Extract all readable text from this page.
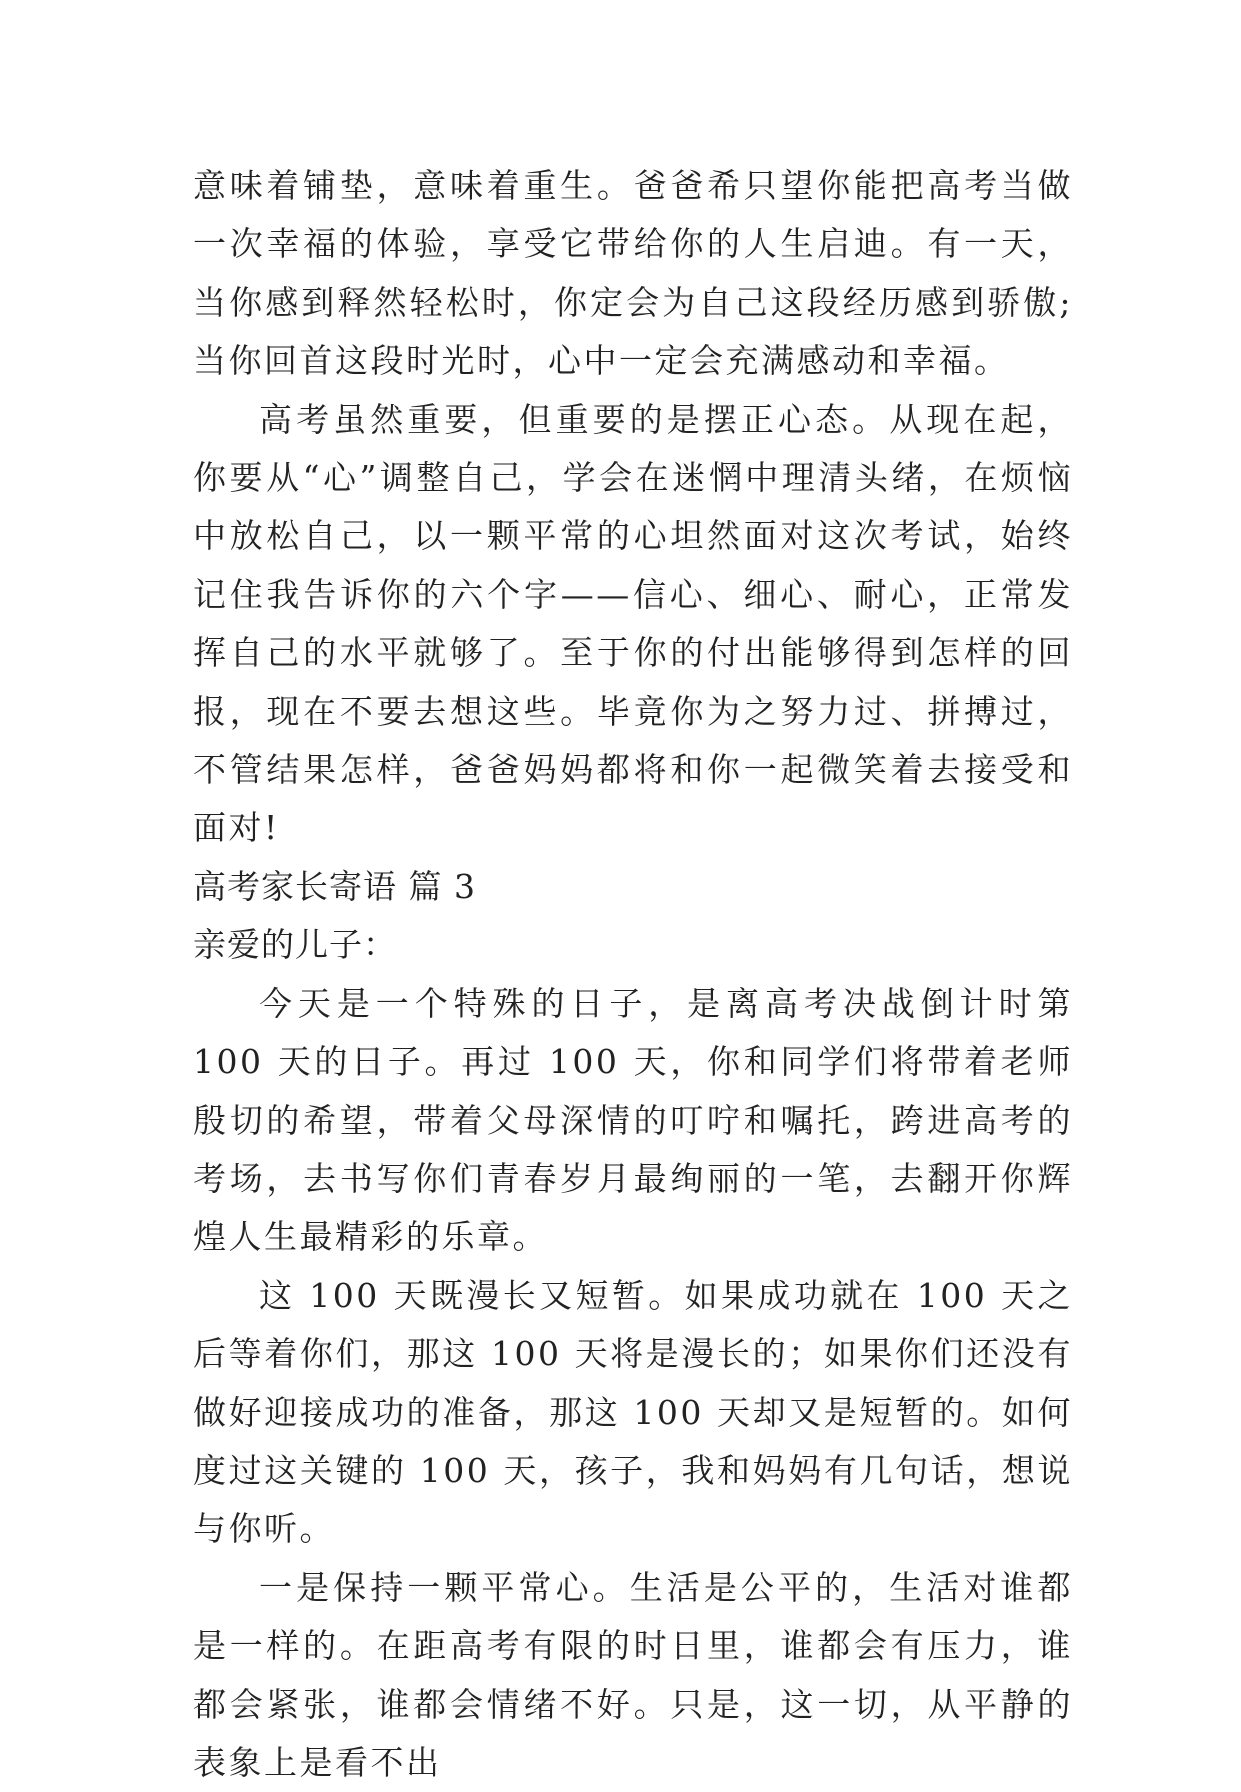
意味着铺垫，意味着重生。爸爸希只望你能把高考当做一次幸福的体验，享受它带给你的人生启迪。有一天，当你感到释然轻松时，你定会为自己这段经历感到骄傲;当你回首这段时光时，心中一定会充满感动和幸福。

高考虽然重要，但重要的是摆正心态。从现在起，你要从“心”调整自己，学会在迷惘中理清头绪，在烦恼中放松自己，以一颗平常的心坦然面对这次考试，始终记住我告诉你的六个字——信心、细心、耐心，正常发挥自己的水平就够了。至于你的付出能够得到怎样的回报，现在不要去想这些。毕竟你为之努力过、拼搏过，不管结果怎样，爸爸妈妈都将和你一起微笑着去接受和面对!

高考家长寄语 篇 3

亲爱的儿子：

今天是一个特殊的日子，是离高考决战倒计时第 100 天的日子。再过 100 天，你和同学们将带着老师殷切的希望，带着父母深情的叮咛和嘱托，跨进高考的考场，去书写你们青春岁月最绚丽的一笔，去翻开你辉煌人生最精彩的乐章。

这 100 天既漫长又短暂。如果成功就在 100 天之后等着你们，那这 100 天将是漫长的；如果你们还没有做好迎接成功的准备，那这 100 天却又是短暂的。如何度过这关键的 100 天，孩子，我和妈妈有几句话，想说与你听。

一是保持一颗平常心。生活是公平的，生活对谁都是一样的。在距高考有限的时日里，谁都会有压力，谁都会紧张，谁都会情绪不好。只是，这一切，从平静的表象上是看不出
